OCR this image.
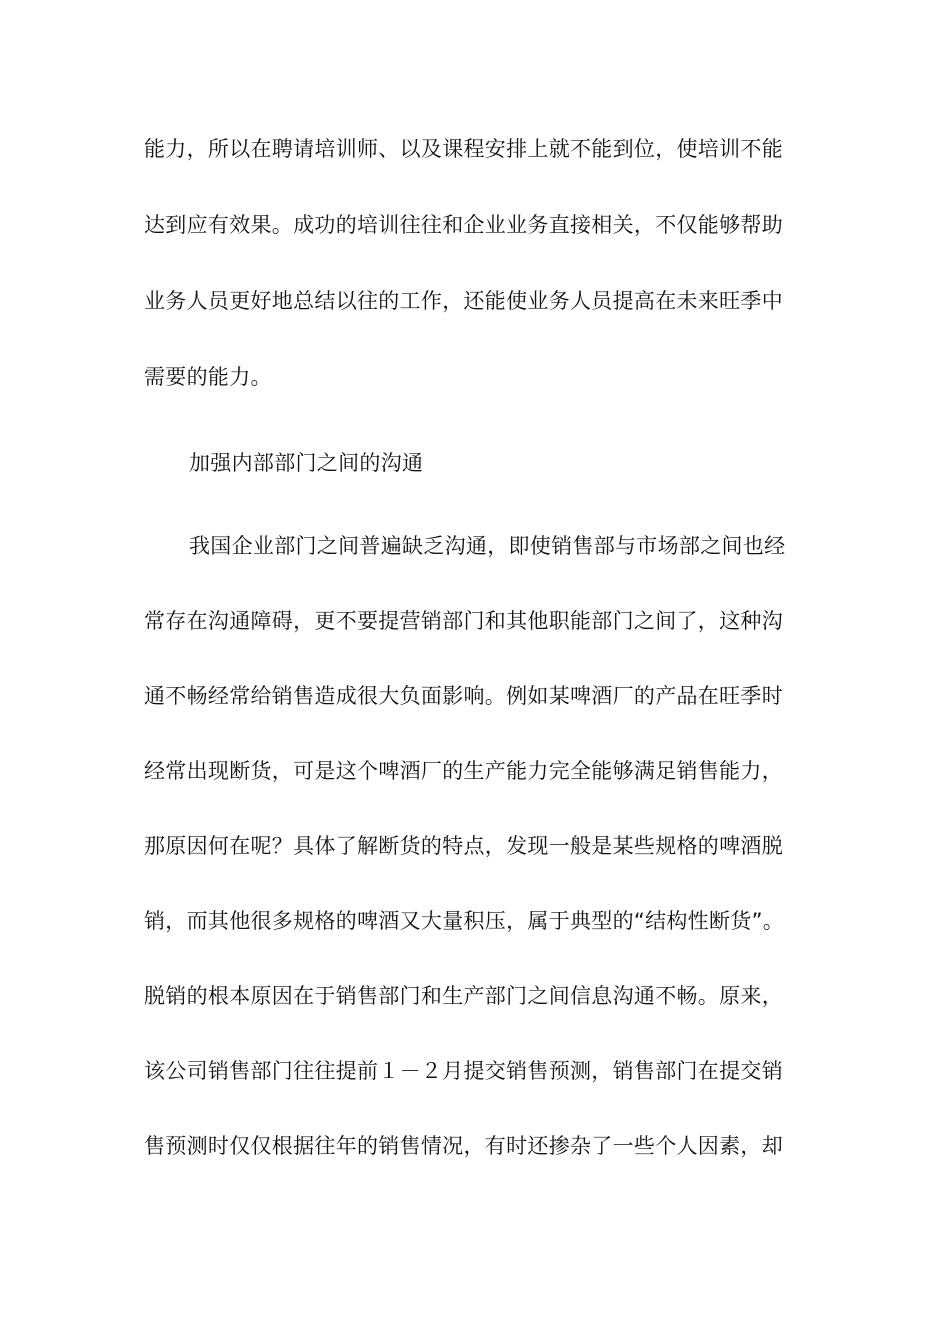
能力，所以在聘请培训师、以及课程安排上就不能到位，使培训不能
达到应有效果。成功的培训往往和企业业务直接相关，不仅能够帮助
业务人员更好地总结以往的工作，还能使业务人员提高在未来旺季中
需要的能力。
加强内部部门之间的沟通
我国企业部门之间普遍缺乏沟通，即使销售部与市场部之间也经
常存在沟通障碍，更不要提营销部门和其他职能部门之间了，这种沟
通不畅经常给销售造成很大负面影响。例如某啤酒厂的产品在旺季时
经常出现断货，可是这个啤酒厂的生产能力完全能够满足销售能力，
那原因何在呢？具体了解断货的特点，发现一般是某些规格的啤酒脱
销，而其他很多规格的啤酒又大量积压，属于典型的“结构性断货”。
脱销的根本原因在于销售部门和生产部门之间信息沟通不畅。原来，
该公司销售部门往往提前１－２月提交销售预测，销售部门在提交销
售预测时仅仅根据往年的销售情况，有时还掺杂了一些个人因素，却
